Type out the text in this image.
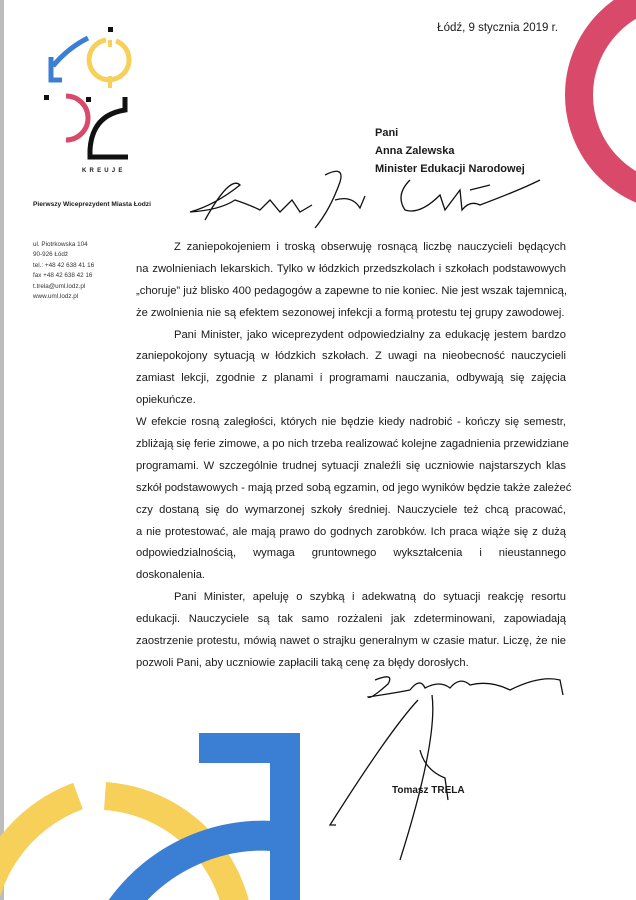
Łódź, 9 stycznia 2019 r.
Pani
Anna Zalewska
Minister Edukacji Narodowej
KREUJE
Pierwszy Wiceprezydent Miasta Łodzi
ul. Piotrkowska 104
90-926 Łódź
tel.: +48 42 638 41 16
fax +48 42 638 42 16
t.trela@uml.lodz.pl
www.uml.lodz.pl
Z zaniepokojeniem i troską obserwuję rosnącą liczbę nauczycieli będących
na zwolnieniach lekarskich. Tylko w łódzkich przedszkolach i szkołach podstawowych
„choruje” już blisko 400 pedagogów a zapewne to nie koniec. Nie jest wszak tajemnicą,
że zwolnienia nie są efektem sezonowej infekcji a formą protestu tej grupy zawodowej.
Pani Minister, jako wiceprezydent odpowiedzialny za edukację jestem bardzo
zaniepokojony sytuacją w łódzkich szkołach. Z uwagi na nieobecność nauczycieli
zamiast lekcji, zgodnie z planami i programami nauczania, odbywają się zajęcia
opiekuńcze.
W efekcie rosną zaległości, których nie będzie kiedy nadrobić - kończy się semestr,
zbliżają się ferie zimowe, a po nich trzeba realizować kolejne zagadnienia przewidziane
programami. W szczególnie trudnej sytuacji znaleźli się uczniowie najstarszych klas
szkół podstawowych - mają przed sobą egzamin, od jego wyników będzie także zależeć
czy dostaną się do wymarzonej szkoły średniej. Nauczyciele też chcą pracować,
a nie protestować, ale mają prawo do godnych zarobków. Ich praca wiąże się z dużą
odpowiedzialnością, wymaga gruntownego wykształcenia i nieustannego
doskonalenia.
Pani Minister, apeluję o szybką i adekwatną do sytuacji reakcję resortu
edukacji. Nauczyciele są tak samo rozżaleni jak zdeterminowani, zapowiadają
zaostrzenie protestu, mówią nawet o strajku generalnym w czasie matur. Liczę, że nie
pozwoli Pani, aby uczniowie zapłacili taką cenę za błędy dorosłych.
Tomasz TRELA
